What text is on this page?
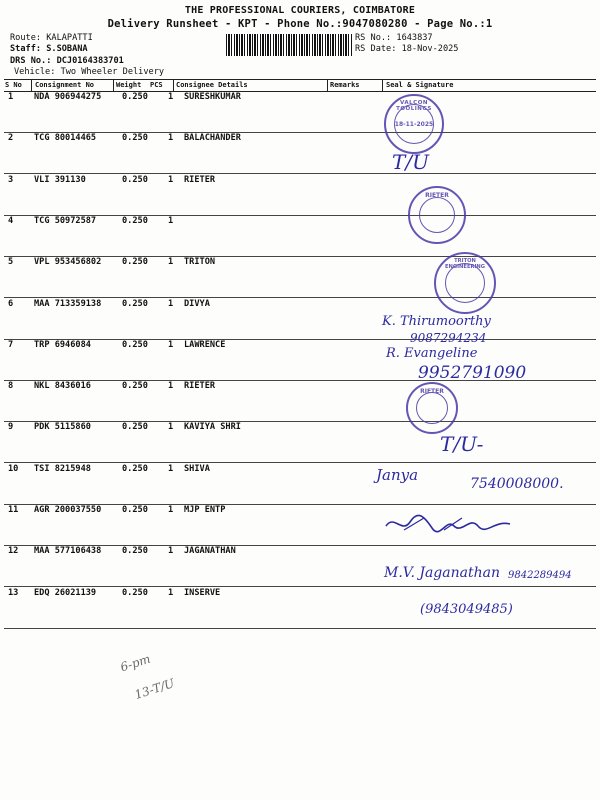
THE PROFESSIONAL COURIERS, COIMBATORE
Delivery Runsheet - KPT - Phone No.:9047080280 - Page No.:1
Route: KALAPATTI
Staff: S.SOBANA
DRS No.: DCJ0164383701
Vehicle: Two Wheeler Delivery
RS No.: 1643837
RS Date: 18-Nov-2025
S No Consignment No	Weight PCS Consignee Details	Remarks	Seal & Signature
1 NDA 906944275 0.250 1 SURESHKUMAR
2 TCG 80014465	0.250 1 BALACHANDER
3 VLI 391130	0.250 1 RIETER
4 TCG 50972587	0.250 1
5 VPL 953456802 0.250 1 TRITON
6 MAA 713359138 0.250 1 DIVYA
7 TRP 6946084	0.250 1 LAWRENCE
8 NKL 8436016	0.250 1 RIETER
9 PDK 5115860	0.250 1 KAVIYA SHRI
10 TSI 8215948	0.250 1 SHIVA
11 AGR 200037550 0.250 1 MJP ENTP
12 MAA 577106438 0.250 1 JAGANATHAN
13 EDQ 26021139	0.250 1 INSERVE
VALCON TOOLINGS
18-11-2025
RIETER
TRITON ENGINEERING
RIETER
T/U
K. Thirumoorthy
9087294234
R. Evangeline
9952791090
T/U-
Janya	7540008000.
M.V. Jaganathan 9842289494
(9843049485)
6-pm
13-T/U
